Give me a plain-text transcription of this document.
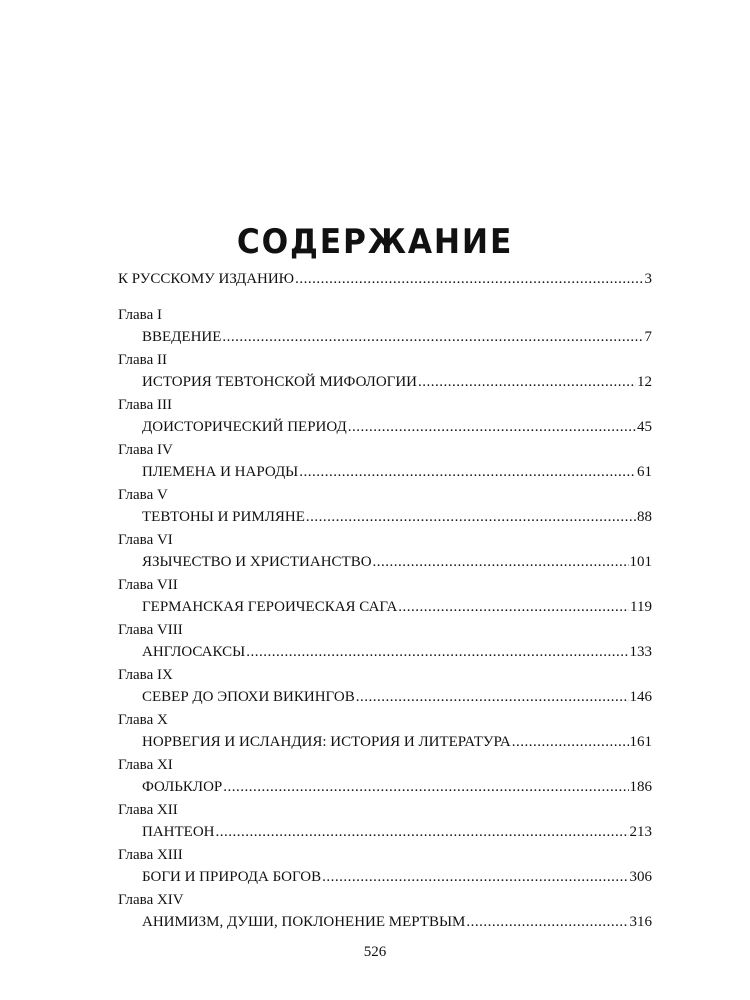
СОДЕРЖАНИЕ
К РУССКОМУ ИЗДАНИЮ .....	3
Глава I
ВВЕДЕНИЕ .....	7
Глава II
ИСТОРИЯ ТЕВТОНСКОЙ МИФОЛОГИИ .....	12
Глава III
ДОИСТОРИЧЕСКИЙ ПЕРИОД .....	45
Глава IV
ПЛЕМЕНА И НАРОДЫ .....	61
Глава V
ТЕВТОНЫ И РИМЛЯНЕ .....	88
Глава VI
ЯЗЫЧЕСТВО И ХРИСТИАНСТВО .....	101
Глава VII
ГЕРМАНСКАЯ ГЕРОИЧЕСКАЯ САГА .....	119
Глава VIII
АНГЛОСАКСЫ .....	133
Глава IX
СЕВЕР ДО ЭПОХИ ВИКИНГОВ .....	146
Глава X
НОРВЕГИЯ И ИСЛАНДИЯ: ИСТОРИЯ И ЛИТЕРАТУРА .....	161
Глава XI
ФОЛЬКЛОР .....	186
Глава XII
ПАНТЕОН .....	213
Глава XIII
БОГИ И ПРИРОДА БОГОВ .....	306
Глава XIV
АНИМИЗМ, ДУШИ, ПОКЛОНЕНИЕ МЕРТВЫМ .....	316
526
